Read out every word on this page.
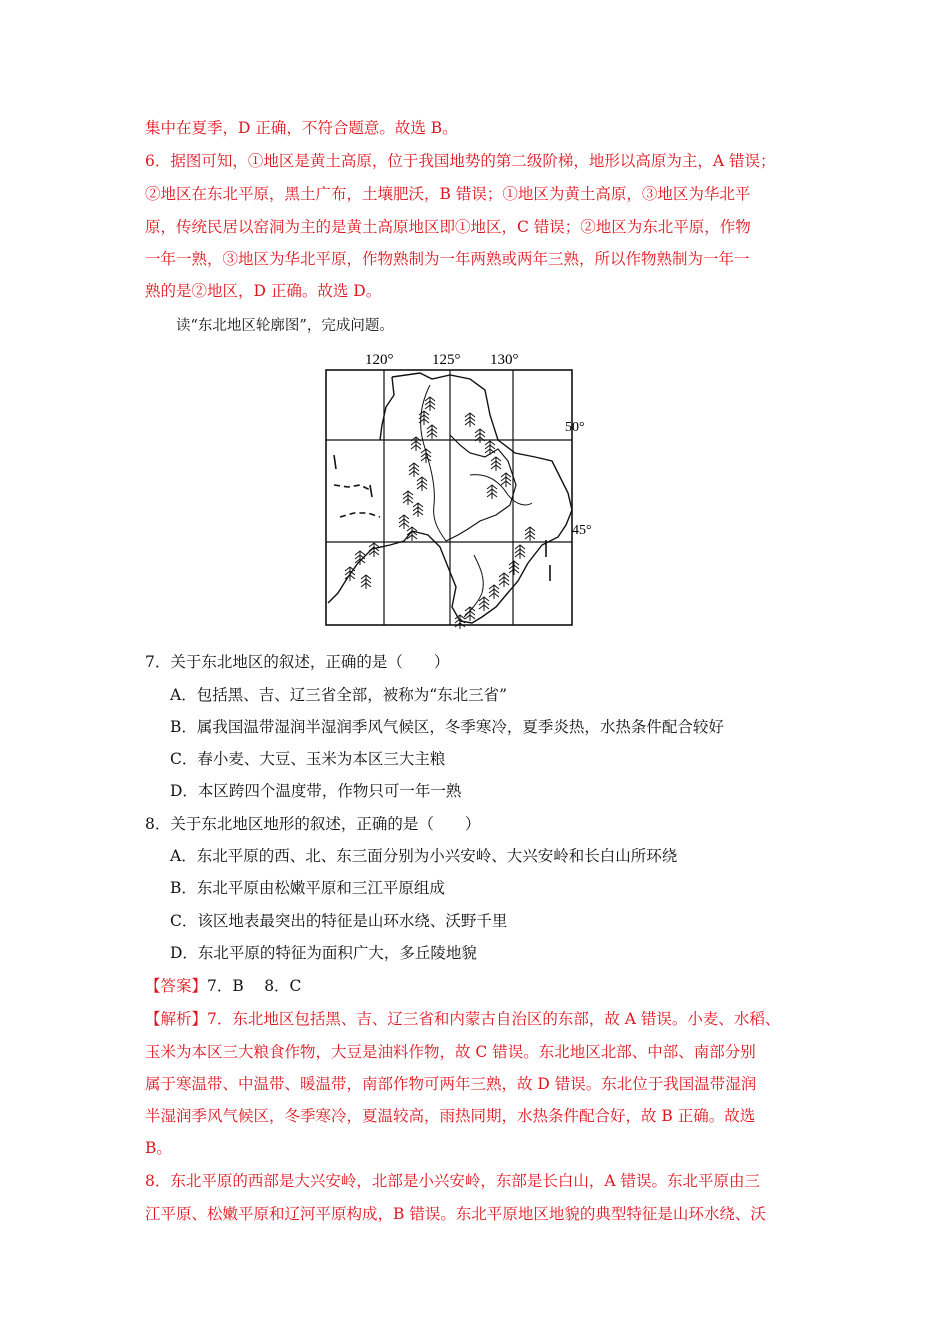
集中在夏季，D 正确，不符合题意。故选 B。
6．据图可知，①地区是黄土高原，位于我国地势的第二级阶梯，地形以高原为主，A 错误；
②地区在东北平原，黑土广布，土壤肥沃，B 错误；①地区为黄土高原，③地区为华北平
原，传统民居以窑洞为主的是黄土高原地区即①地区，C 错误；②地区为东北平原，作物
一年一熟，③地区为华北平原，作物熟制为一年两熟或两年三熟，所以作物熟制为一年一
熟的是②地区，D 正确。故选 D。
读“东北地区轮廓图”，完成问题。
120°	125° 130°
50°
45°
7．关于东北地区的叙述，正确的是（　　）
A．包括黑、吉、辽三省全部，被称为“东北三省”
B．属我国温带湿润半湿润季风气候区，冬季寒冷，夏季炎热，水热条件配合较好
C．春小麦、大豆、玉米为本区三大主粮
D．本区跨四个温度带，作物只可一年一熟
8．关于东北地区地形的叙述，正确的是（　　）
A．东北平原的西、北、东三面分别为小兴安岭、大兴安岭和长白山所环绕
B．东北平原由松嫩平原和三江平原组成
C．该区地表最突出的特征是山环水绕、沃野千里
D．东北平原的特征为面积广大，多丘陵地貌
【答案】7．B　 8．C
【解析】7．东北地区包括黑、吉、辽三省和内蒙古自治区的东部，故 A 错误。小麦、水稻、
玉米为本区三大粮食作物，大豆是油料作物，故 C 错误。东北地区北部、中部、南部分别
属于寒温带、中温带、暖温带，南部作物可两年三熟，故 D 错误。东北位于我国温带湿润
半湿润季风气候区，冬季寒冷，夏温较高，雨热同期，水热条件配合好，故 B 正确。故选
B。
8．东北平原的西部是大兴安岭，北部是小兴安岭，东部是长白山，A 错误。东北平原由三
江平原、松嫩平原和辽河平原构成，B 错误。东北平原地区地貌的典型特征是山环水绕、沃
